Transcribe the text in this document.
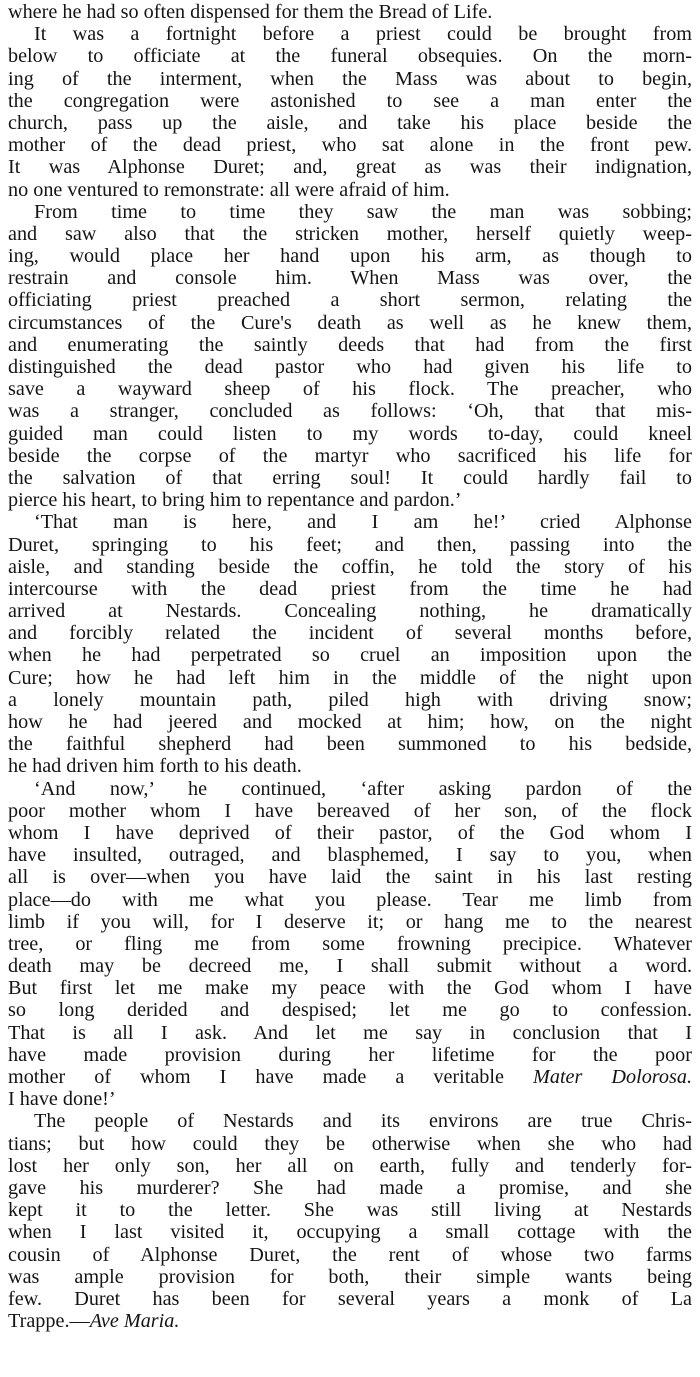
where he had so often dispensed for them the Bread of Life.
It was a fortnight before a priest could be brought from
below to officiate at the funeral obsequies. On the morn-
ing of the interment, when the Mass was about to begin,
the congregation were astonished to see a man enter the
church, pass up the aisle, and take his place beside the
mother of the dead priest, who sat alone in the front pew.
It was Alphonse Duret; and, great as was their indignation,
no one ventured to remonstrate: all were afraid of him.
From time to time they saw the man was sobbing;
and saw also that the stricken mother, herself quietly weep-
ing, would place her hand upon his arm, as though to
restrain and console him. When Mass was over, the
officiating priest preached a short sermon, relating the
circumstances of the Cure's death as well as he knew them,
and enumerating the saintly deeds that had from the first
distinguished the dead pastor who had given his life to
save a wayward sheep of his flock. The preacher, who
was a stranger, concluded as follows: ‘Oh, that that mis-
guided man could listen to my words to-day, could kneel
beside the corpse of the martyr who sacrificed his life for
the salvation of that erring soul! It could hardly fail to
pierce his heart, to bring him to repentance and pardon.’
‘That man is here, and I am he!’ cried Alphonse
Duret, springing to his feet; and then, passing into the
aisle, and standing beside the coffin, he told the story of his
intercourse with the dead priest from the time he had
arrived at Nestards. Concealing nothing, he dramatically
and forcibly related the incident of several months before,
when he had perpetrated so cruel an imposition upon the
Cure; how he had left him in the middle of the night upon
a lonely mountain path, piled high with driving snow;
how he had jeered and mocked at him; how, on the night
the faithful shepherd had been summoned to his bedside,
he had driven him forth to his death.
‘And now,’ he continued, ‘after asking pardon of the
poor mother whom I have bereaved of her son, of the flock
whom I have deprived of their pastor, of the God whom I
have insulted, outraged, and blasphemed, I say to you, when
all is over—when you have laid the saint in his last resting
place—do with me what you please. Tear me limb from
limb if you will, for I deserve it; or hang me to the nearest
tree, or fling me from some frowning precipice. Whatever
death may be decreed me, I shall submit without a word.
But first let me make my peace with the God whom I have
so long derided and despised; let me go to confession.
That is all I ask. And let me say in conclusion that I
have made provision during her lifetime for the poor
mother of whom I have made a veritable Mater Dolorosa.
I have done!’
The people of Nestards and its environs are true Chris-
tians; but how could they be otherwise when she who had
lost her only son, her all on earth, fully and tenderly for-
gave his murderer? She had made a promise, and she
kept it to the letter. She was still living at Nestards
when I last visited it, occupying a small cottage with the
cousin of Alphonse Duret, the rent of whose two farms
was ample provision for both, their simple wants being
few. Duret has been for several years a monk of La
Trappe.—Ave Maria.
